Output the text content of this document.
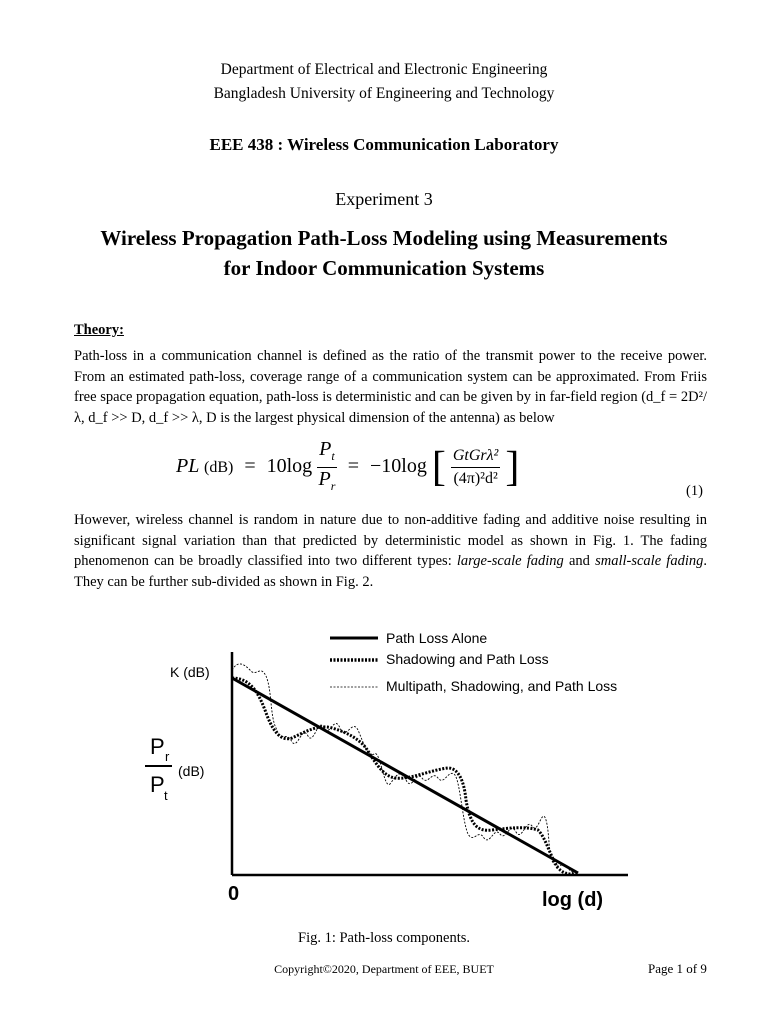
Department of Electrical and Electronic Engineering
Bangladesh University of Engineering and Technology
EEE 438 : Wireless Communication Laboratory
Experiment 3
Wireless Propagation Path-Loss Modeling using Measurements
for Indoor Communication Systems
Theory:
Path-loss in a communication channel is defined as the ratio of the transmit power to the receive power. From an estimated path-loss, coverage range of a communication system can be approximated. From Friis free space propagation equation, path-loss is deterministic and can be given by in far-field region (d_f = 2D²/λ, d_f >> D, d_f >> λ, D is the largest physical dimension of the antenna) as below
PL $(dB) = 10\log \frac{P_t}{P_r} = -10\log$ [ $\frac{\text{GtGrλ²}}{\text{(4π)²d²}}$ ]
(1)
However, wireless channel is random in nature due to non-additive fading and additive noise resulting in significant signal variation than that predicted by deterministic model as shown in Fig. 1. The fading phenomenon can be broadly classified into two different types: large-scale fading and small-scale fading. They can be further sub-divided as shown in Fig. 2.
Path Loss Alone
Shadowing and Path Loss
Multipath, Shadowing, and Path Loss
K (dB)
P r
P t
(dB)
0	log (d)
Fig. 1: Path-loss components.
Copyright©2020, Department of EEE, BUET	Page 1 of 9
